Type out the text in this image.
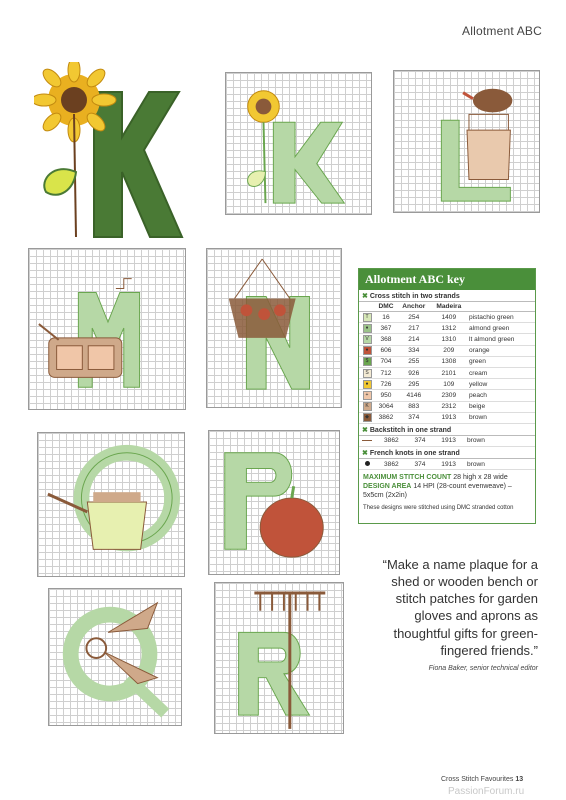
Allotment ABC
Allotment ABC key
✖ Cross stitch in two strands
	DMC	Anchor	Madeira	
T	16	254	1409	pistachio green
♦	367	217	1312	almond green
V	368	214	1310	lt almond green
●	606	334	209	orange
$	704	255	1308	green
S	712	926	2101	cream
●	726	295	109	yellow
+	950	4146	2309	peach
K	3064	883	2312	beige
◆	3862	374	1913	brown
✖ Backstitch in one strand
	3862	374	1913	brown
✖ French knots in one strand
	3862	374	1913	brown
MAXIMUM STITCH COUNT 28 high x 28 wide
DESIGN AREA 14 HPI (28-count evenweave) – 5x5cm (2x2in)
These designs were stitched using DMC stranded cotton
“Make a name plaque for a shed or wooden bench or stitch patches for garden gloves and aprons as thoughtful gifts for green-fingered friends.”
Fiona Baker, senior technical editor
Cross Stitch Favourites 13
PassionForum.ru
